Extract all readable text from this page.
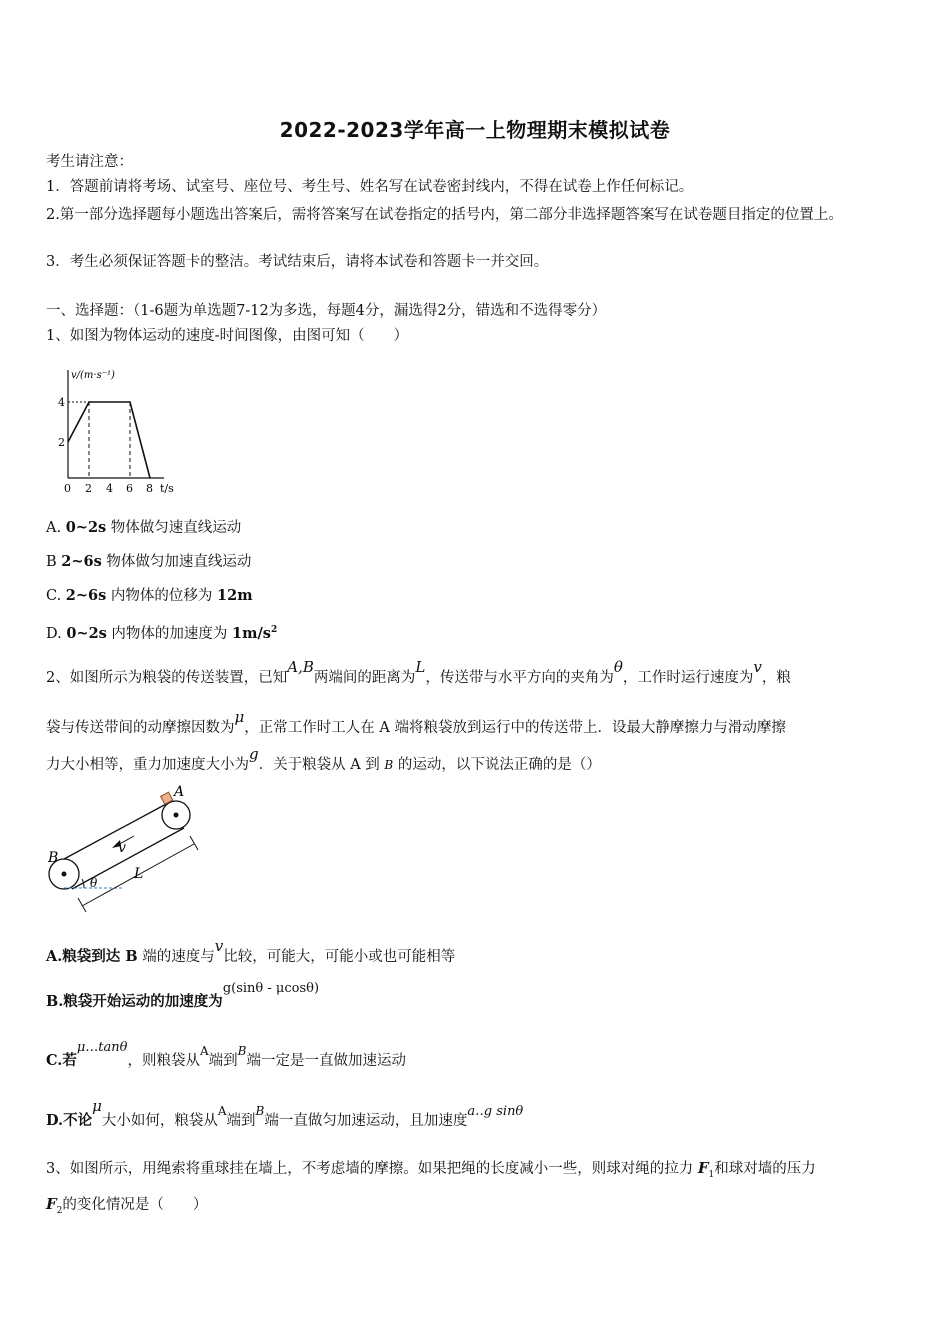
2022-2023学年高一上物理期末模拟试卷
考生请注意：
1．答题前请将考场、试室号、座位号、考生号、姓名写在试卷密封线内，不得在试卷上作任何标记。
2.第一部分选择题每小题选出答案后，需将答案写在试卷指定的括号内，第二部分非选择题答案写在试卷题目指定的位置上。
3．考生必须保证答题卡的整洁。考试结束后，请将本试卷和答题卡一并交回。
一、选择题：（1-6题为单选题7-12为多选，每题4分，漏选得2分，错选和不选得零分）
1、如图为物体运动的速度-时间图像，由图可知（　　）
v/(m·s⁻¹)
4
2
0 2 4 6 8 t/s
A. 0~2s 物体做匀速直线运动
B 2~6s 物体做匀加速直线运动
C. 2~6s 内物体的位移为 12m
D. 0~2s 内物体的加速度为 $1m/s^2$
2、如图所示为粮袋的传送装置，已知A,B两端间的距离为L，传送带与水平方向的夹角为θ，工作时运行速度为v，粮
袋与传送带间的动摩擦因数为μ，正常工作时工人在 A 端将粮袋放到运行中的传送带上．设最大静摩擦力与滑动摩擦
力大小相等，重力加速度大小为g．关于粮袋从 A 到 B 的运动，以下说法正确的是（）
A
B
v
L
θ
A.粮袋到达 B 端的速度与v比较，可能大，可能小或也可能相等
B.粮袋开始运动的加速度为g(sinθ - μcosθ)
C.若μ…tanθ，则粮袋从$^A$端到$^B$端一定是一直做加速运动
D.不论μ大小如何，粮袋从$^A$端到$^B$端一直做匀加速运动，且加速度a‥g sinθ
3、如图所示，用绳索将重球挂在墙上，不考虑墙的摩擦。如果把绳的长度减小一些，则球对绳的拉力 $F_1$和球对墙的压力
$F_2$的变化情况是（　　）
